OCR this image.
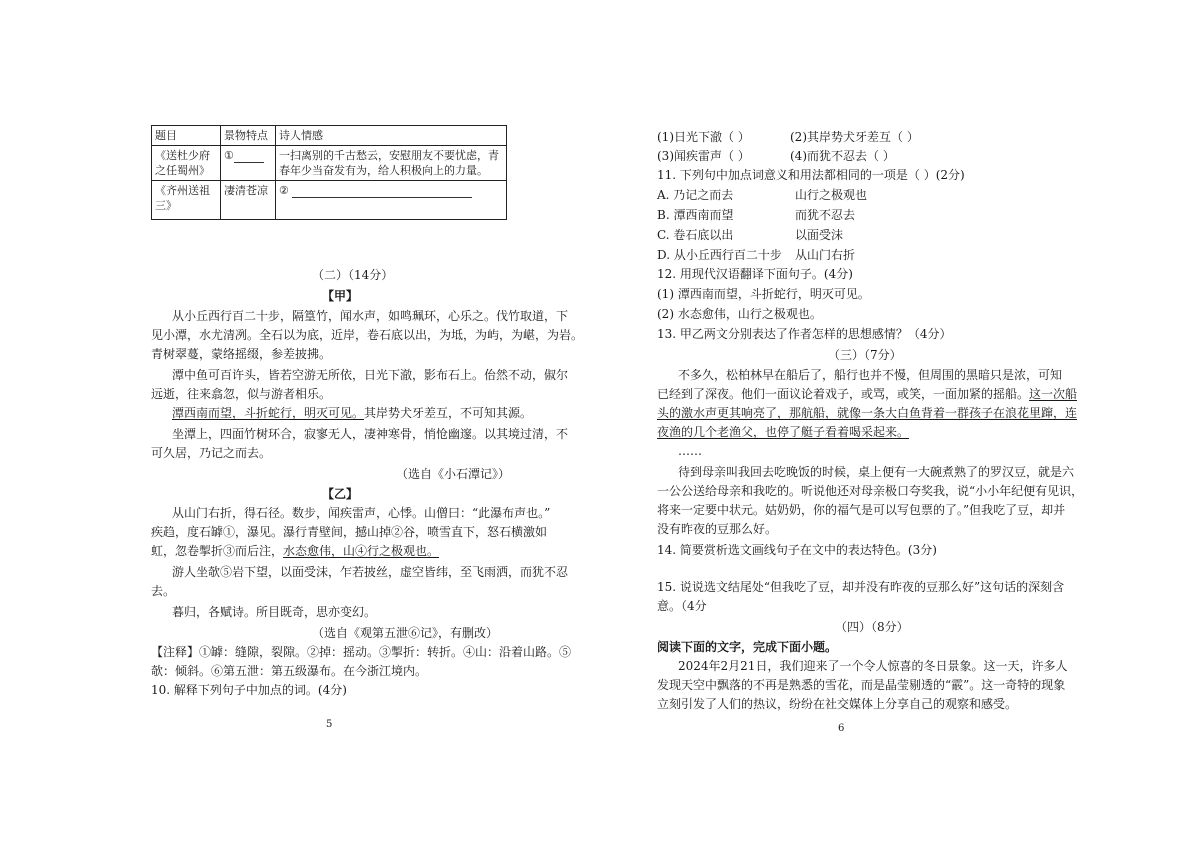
题目	景物特点	诗人情感
《送杜少府之任蜀州》	①	一扫离别的千古愁云，安慰朋友不要忧虑，青春年少当奋发有为，给人积极向上的力量。
《齐州送祖三》	凄清苍凉	②
（二）（14分）
【甲】
从小丘西行百二十步，隔篁竹，闻水声，如鸣珮环，心乐之。伐竹取道，下
见小潭，水尤清冽。全石以为底，近岸，卷石底以出，为坻，为屿，为嵁，为岩。
青树翠蔓，蒙络摇缀，参差披拂。
潭中鱼可百许头，皆若空游无所依，日光下澈，影布石上。佁然不动，俶尔
远逝，往来翕忽，似与游者相乐。
潭西南而望，斗折蛇行，明灭可见。其岸势犬牙差互，不可知其源。
坐潭上，四面竹树环合，寂寥无人，凄神寒骨，悄怆幽邃。以其境过清，不
可久居，乃记之而去。
（选自《小石潭记》）
【乙】
从山门右折，得石径。数步，闻疾雷声，心悸。山僧曰：“此瀑布声也。”
疾趋，度石罅①，瀑见。瀑行青壁间，撼山掉②谷，喷雪直下，怒石横激如
虹，忽卷掣折③而后注，水态愈伟，山④行之极观也。
游人坐欹⑤岩下望，以面受沫，乍若披丝，虚空皆纬，至飞雨洒，而犹不忍
去。
暮归，各赋诗。所目既奇，思亦变幻。
（选自《观第五泄⑥记》，有删改）
【注释】①罅：缝隙，裂隙。②掉：摇动。③掣折：转折。④山：沿着山路。⑤
欹：倾斜。⑥第五泄：第五级瀑布。在今浙江境内。
10. 解释下列句子中加点的词。(4分)
5
(1)日光下澈（ ）	(2)其岸势犬牙差互（ ）
(3)闻疾雷声（ ）	(4)而犹不忍去（ ）
11. 下列句中加点词意义和用法都相同的一项是（ ）(2分)
A. 乃记之而去	山行之极观也
B. 潭西南而望	而犹不忍去
C. 卷石底以出	以面受沫
D. 从小丘西行百二十步 从山门右折
12. 用现代汉语翻译下面句子。(4分)
(1) 潭西南而望，斗折蛇行，明灭可见。
(2) 水态愈伟，山行之极观也。
13. 甲乙两文分别表达了作者怎样的思想感情？（4分）
（三）（7分）
不多久，松柏林早在船后了，船行也并不慢，但周围的黑暗只是浓，可知
已经到了深夜。他们一面议论着戏子，或骂，或笑，一面加紧的摇船。这一次船
头的激水声更其响亮了，那航船，就像一条大白鱼背着一群孩子在浪花里蹿，连
夜渔的几个老渔父，也停了艇子看着喝采起来。
……
待到母亲叫我回去吃晚饭的时候，桌上便有一大碗煮熟了的罗汉豆，就是六
一公公送给母亲和我吃的。听说他还对母亲极口夸奖我，说“小小年纪便有见识，
将来一定要中状元。姑奶奶，你的福气是可以写包票的了。”但我吃了豆，却并
没有昨夜的豆那么好。
14. 简要赏析选文画线句子在文中的表达特色。(3分)
15. 说说选文结尾处“但我吃了豆，却并没有昨夜的豆那么好”这句话的深刻含
意。（4分
（四）（8分）
阅读下面的文字，完成下面小题。
2024年2月21日，我们迎来了一个令人惊喜的冬日景象。这一天，许多人
发现天空中飘落的不再是熟悉的雪花，而是晶莹剔透的“霰”。这一奇特的现象
立刻引发了人们的热议，纷纷在社交媒体上分享自己的观察和感受。
6
